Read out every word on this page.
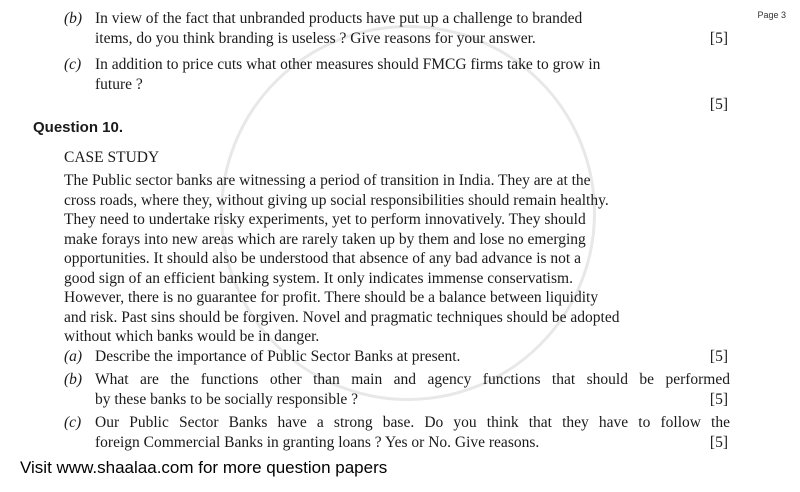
Page 3
(b) In view of the fact that unbranded products have put up a challenge to branded
items, do you think branding is useless ? Give reasons for your answer.	[5]
(c) In addition to price cuts what other measures should FMCG firms take to grow in
future ?
[5]
Question 10.
CASE STUDY
The Public sector banks are witnessing a period of transition in India. They are at the
cross roads, where they, without giving up social responsibilities should remain healthy.
They need to undertake risky experiments, yet to perform innovatively. They should
make forays into new areas which are rarely taken up by them and lose no emerging
opportunities. It should also be understood that absence of any bad advance is not a
good sign of an efficient banking system. It only indicates immense conservatism.
However, there is no guarantee for profit. There should be a balance between liquidity
and risk. Past sins should be forgiven. Novel and pragmatic techniques should be adopted
without which banks would be in danger.
(a) Describe the importance of Public Sector Banks at present.	[5]
(b) What are the functions other than main and agency functions that should be performed
by these banks to be socially responsible ?	[5]
(c) Our Public Sector Banks have a strong base. Do you think that they have to follow the
foreign Commercial Banks in granting loans ? Yes or No. Give reasons.	[5]
Visit www.shaalaa.com for more question papers
